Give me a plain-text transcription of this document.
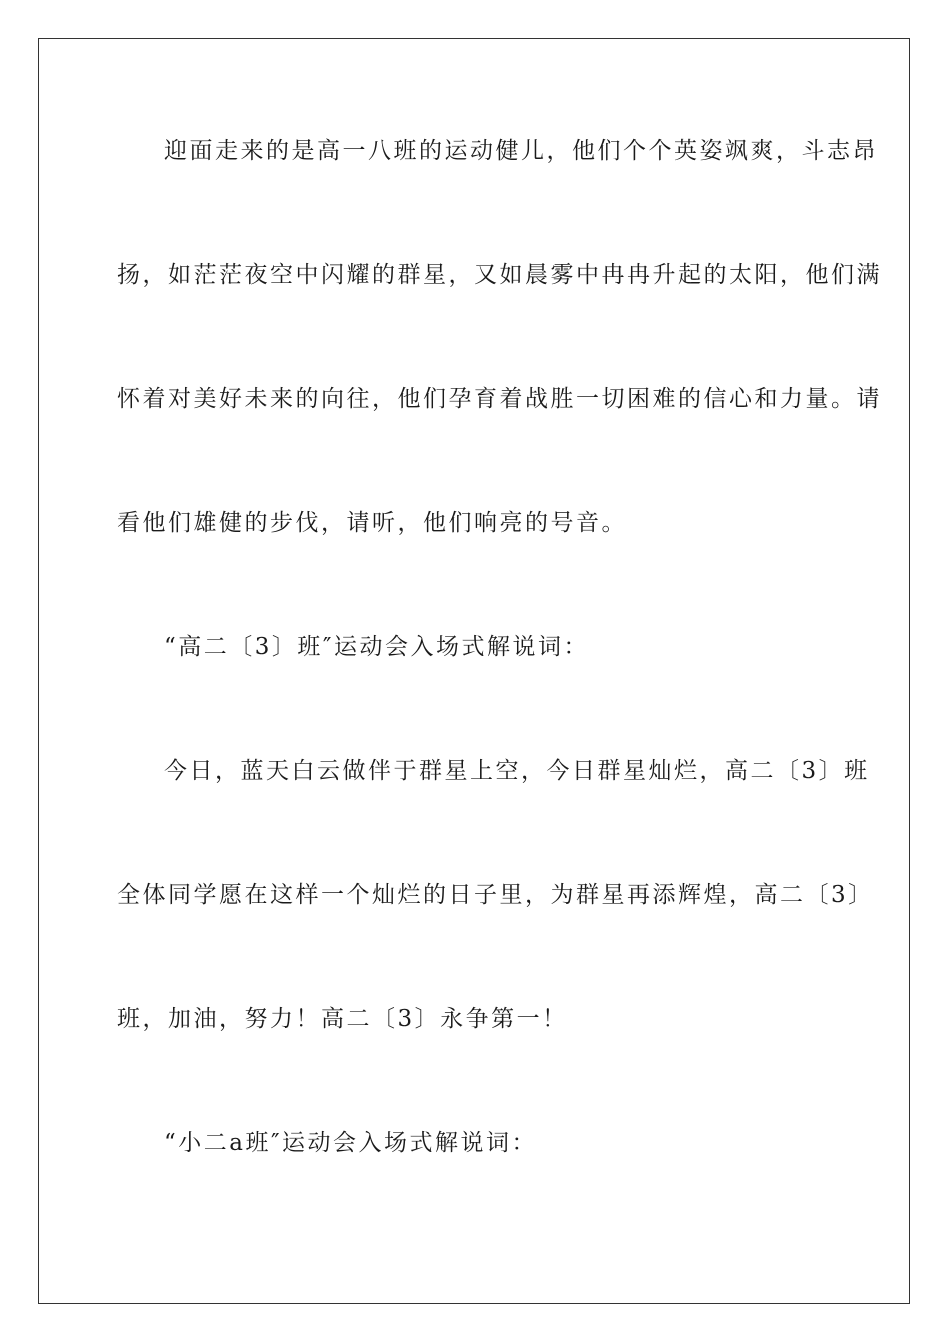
迎面走来的是高一八班的运动健儿，他们个个英姿飒爽，斗志昂
扬，如茫茫夜空中闪耀的群星，又如晨雾中冉冉升起的太阳，他们满
怀着对美好未来的向往，他们孕育着战胜一切困难的信心和力量。请
看他们雄健的步伐，请听，他们响亮的号音。
“高二〔3〕班″运动会入场式解说词：
今日，蓝天白云做伴于群星上空，今日群星灿烂，高二〔3〕班
全体同学愿在这样一个灿烂的日子里，为群星再添辉煌，高二〔3〕
班，加油，努力！高二〔3〕永争第一！
“小二a班″运动会入场式解说词：
